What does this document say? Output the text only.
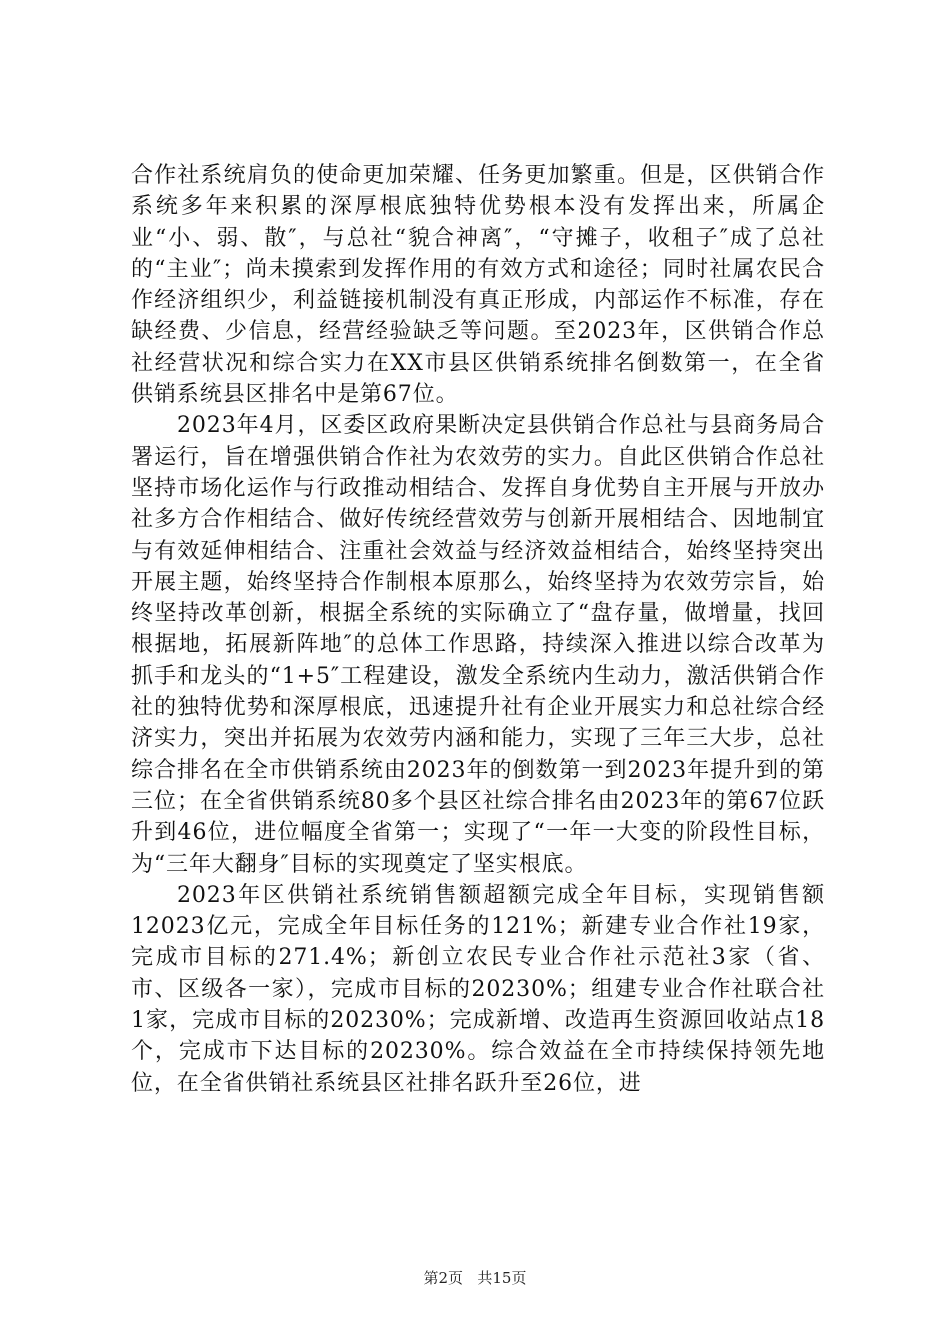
合作社系统肩负的使命更加荣耀、任务更加繁重。但是，区供销合作系统多年来积累的深厚根底独特优势根本没有发挥出来，所属企业“小、弱、散″，与总社“貌合神离″，“守摊子，收租子″成了总社的“主业″；尚未摸索到发挥作用的有效方式和途径；同时社属农民合作经济组织少，利益链接机制没有真正形成，内部运作不标准，存在缺经费、少信息，经营经验缺乏等问题。至2023年，区供销合作总社经营状况和综合实力在XX市县区供销系统排名倒数第一，在全省供销系统县区排名中是第67位。

2023年4月，区委区政府果断决定县供销合作总社与县商务局合署运行，旨在增强供销合作社为农效劳的实力。自此区供销合作总社坚持市场化运作与行政推动相结合、发挥自身优势自主开展与开放办社多方合作相结合、做好传统经营效劳与创新开展相结合、因地制宜与有效延伸相结合、注重社会效益与经济效益相结合，始终坚持突出开展主题，始终坚持合作制根本原那么，始终坚持为农效劳宗旨，始终坚持改革创新，根据全系统的实际确立了“盘存量，做增量，找回根据地，拓展新阵地″的总体工作思路，持续深入推进以综合改革为抓手和龙头的“1+5″工程建设，激发全系统内生动力，激活供销合作社的独特优势和深厚根底，迅速提升社有企业开展实力和总社综合经济实力，突出并拓展为农效劳内涵和能力，实现了三年三大步，总社综合排名在全市供销系统由2023年的倒数第一到2023年提升到的第三位；在全省供销系统80多个县区社综合排名由2023年的第67位跃升到46位，进位幅度全省第一；实现了“一年一大变的阶段性目标，为“三年大翻身″目标的实现奠定了坚实根底。

2023年区供销社系统销售额超额完成全年目标，实现销售额12023亿元，完成全年目标任务的121%；新建专业合作社19家，完成市目标的271.4%；新创立农民专业合作社示范社3家（省、市、区级各一家），完成市目标的20230%；组建专业合作社联合社1家，完成市目标的20230%；完成新增、改造再生资源回收站点18个，完成市下达目标的20230%。综合效益在全市持续保持领先地位，在全省供销社系统县区社排名跃升至26位，进

第2页 共15页
